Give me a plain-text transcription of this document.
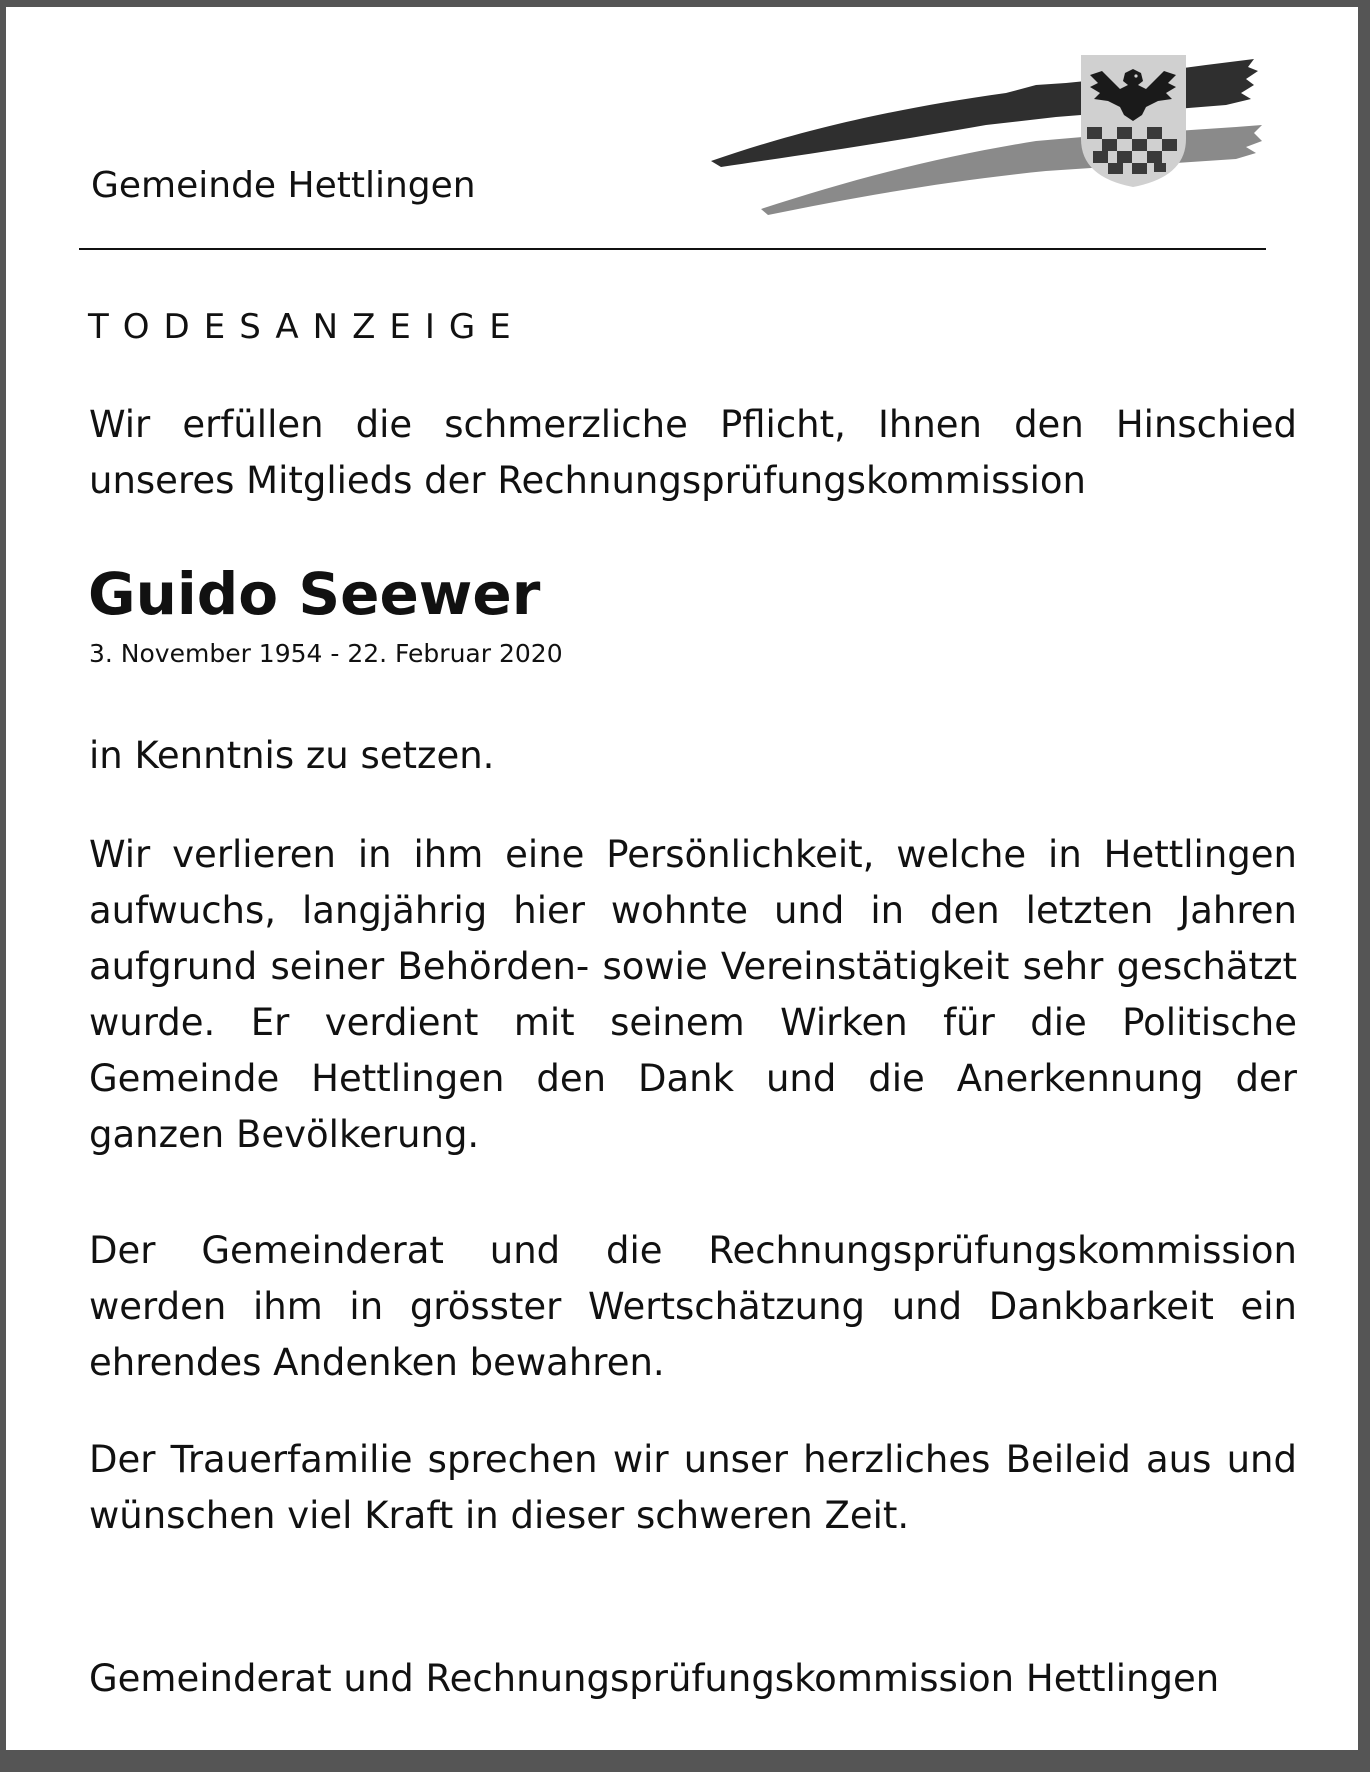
Gemeinde Hettlingen
TODESANZEIGE
Wir erfüllen die schmerzliche Pflicht, Ihnen den Hinschied unseres Mitglieds der Rechnungsprüfungskommission
Guido Seewer
3. November 1954 - 22. Februar 2020
in Kenntnis zu setzen.
Wir verlieren in ihm eine Persönlichkeit, welche in Hettlingen aufwuchs, langjährig hier wohnte und in den letzten Jahren aufgrund seiner Behörden- sowie Vereinstätigkeit sehr geschätzt wurde. Er verdient mit seinem Wirken für die Politische Gemeinde Hettlingen den Dank und die Anerkennung der ganzen Bevölkerung.
Der Gemeinderat und die Rechnungsprüfungskommission werden ihm in grösster Wertschätzung und Dankbarkeit ein ehrendes Andenken bewahren.
Der Trauerfamilie sprechen wir unser herzliches Beileid aus und wünschen viel Kraft in dieser schweren Zeit.
Gemeinderat und Rechnungsprüfungskommission Hettlingen
